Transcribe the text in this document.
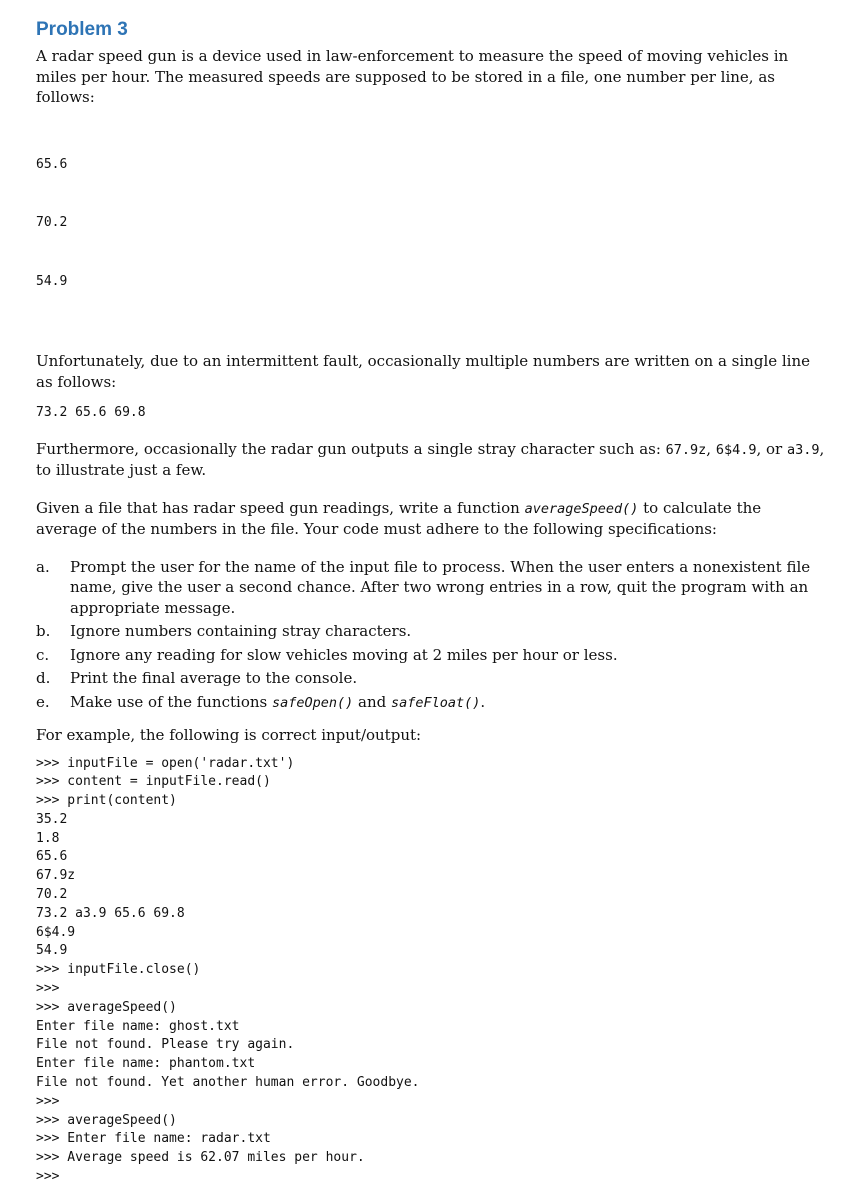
Problem 3

A radar speed gun is a device used in law-enforcement to measure the speed of moving vehicles in miles per hour. The measured speeds are supposed to be stored in a file, one number per line, as follows:

65.6

70.2

54.9

Unfortunately, due to an intermittent fault, occasionally multiple numbers are written on a single line as follows:

73.2 65.6 69.8

Furthermore, occasionally the radar gun outputs a single stray character such as: 67.9z, 6$4.9, or a3.9, to illustrate just a few.

Given a file that has radar speed gun readings, write a function averageSpeed() to calculate the average of the numbers in the file. Your code must adhere to the following specifications:

a. Prompt the user for the name of the input file to process. When the user enters a nonexistent file name, give the user a second chance. After two wrong entries in a row, quit the program with an appropriate message.
b. Ignore numbers containing stray characters.
c. Ignore any reading for slow vehicles moving at 2 miles per hour or less.
d. Print the final average to the console.
e. Make use of the functions safeOpen() and safeFloat().

For example, the following is correct input/output:

>>> inputFile = open('radar.txt')
>>> content = inputFile.read()
>>> print(content)
35.2
1.8
65.6
67.9z
70.2
73.2 a3.9 65.6 69.8
6$4.9
54.9
>>> inputFile.close()
>>>
>>> averageSpeed()
Enter file name: ghost.txt
File not found. Please try again.
Enter file name: phantom.txt
File not found. Yet another human error. Goodbye.
>>>
>>> averageSpeed()
>>> Enter file name: radar.txt
>>> Average speed is 62.07 miles per hour.
>>>
